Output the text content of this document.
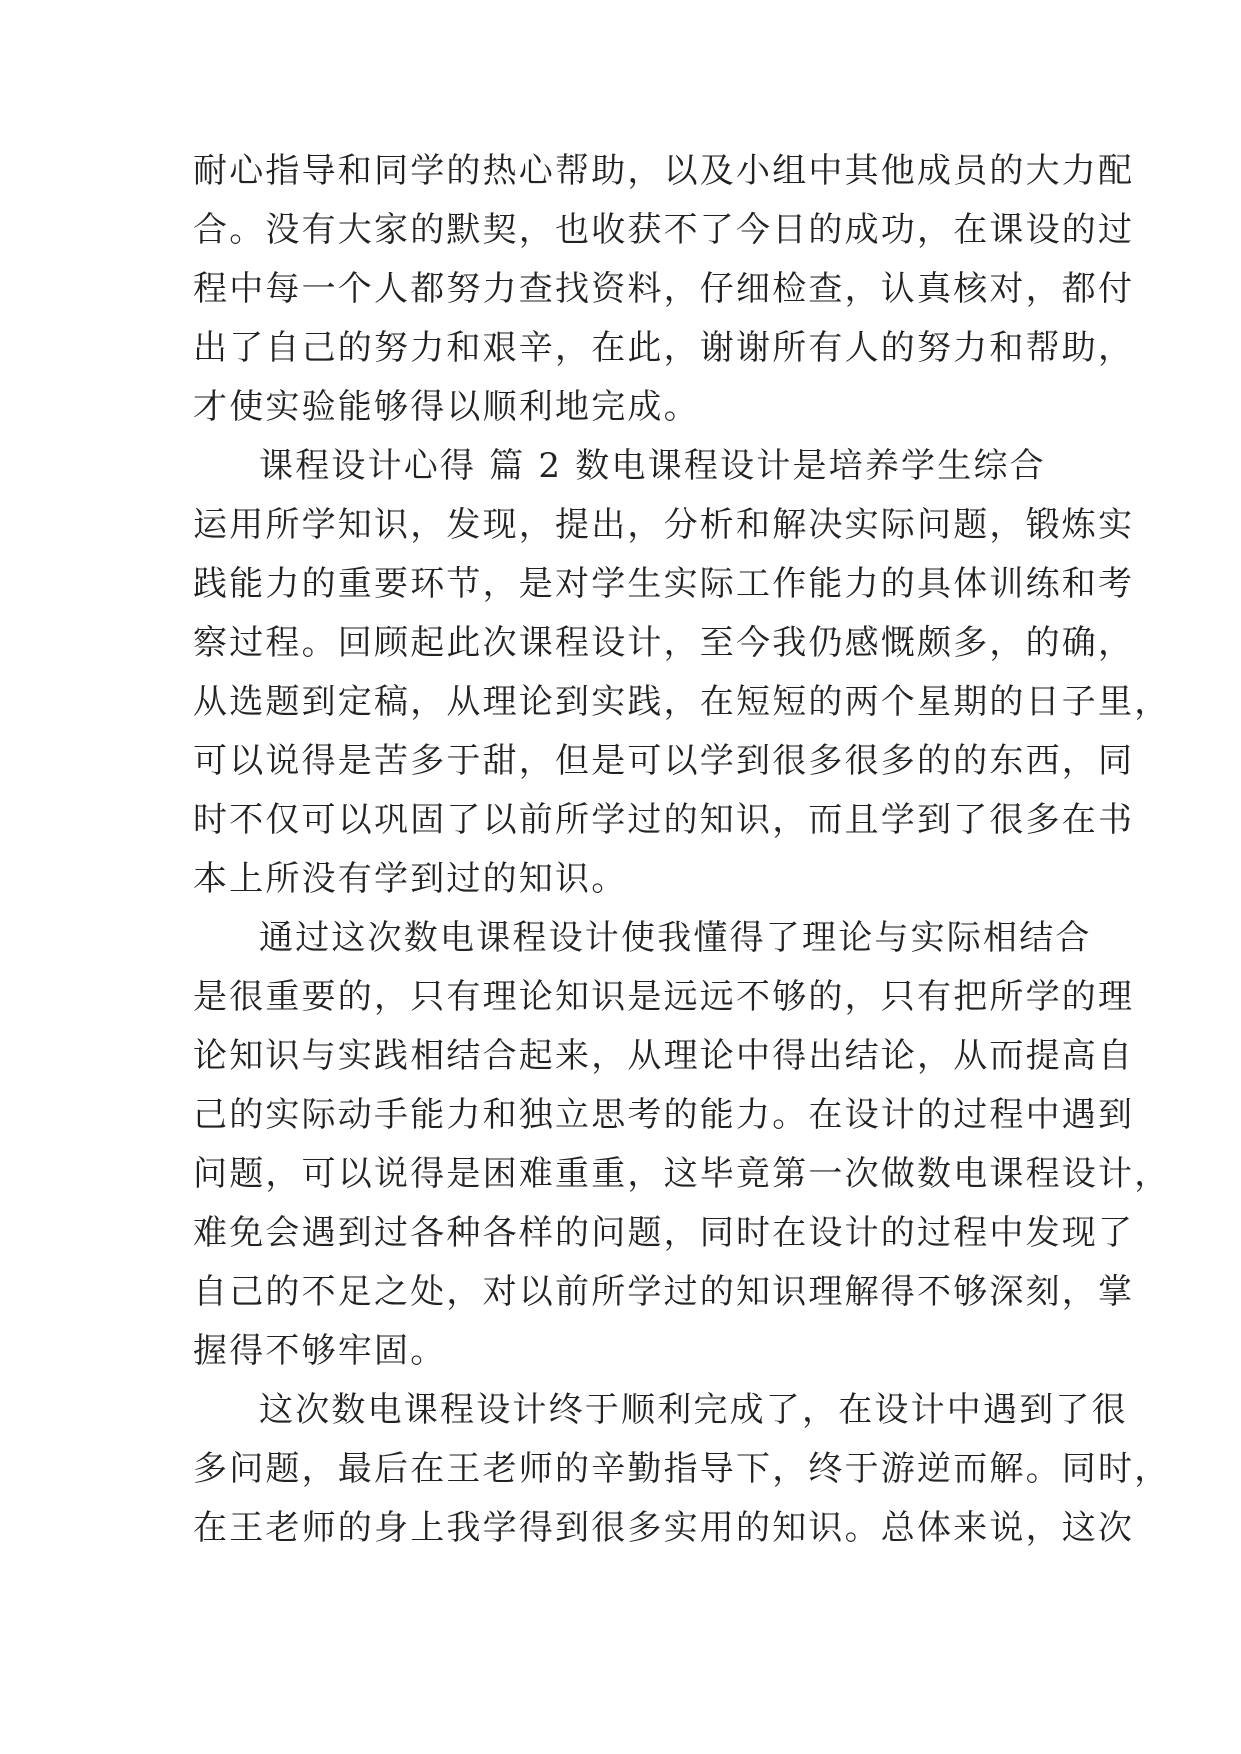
耐心指导和同学的热心帮助，以及小组中其他成员的大力配
合。没有大家的默契，也收获不了今日的成功，在课设的过
程中每一个人都努力查找资料，仔细检查，认真核对，都付
出了自己的努力和艰辛，在此，谢谢所有人的努力和帮助，
才使实验能够得以顺利地完成。
课程设计心得 篇 2 数电课程设计是培养学生综合
运用所学知识，发现，提出，分析和解决实际问题，锻炼实
践能力的重要环节，是对学生实际工作能力的具体训练和考
察过程。回顾起此次课程设计，至今我仍感慨颇多，的确，
从选题到定稿，从理论到实践，在短短的两个星期的日子里，
可以说得是苦多于甜，但是可以学到很多很多的的东西，同
时不仅可以巩固了以前所学过的知识，而且学到了很多在书
本上所没有学到过的知识。
通过这次数电课程设计使我懂得了理论与实际相结合
是很重要的，只有理论知识是远远不够的，只有把所学的理
论知识与实践相结合起来，从理论中得出结论，从而提高自
己的实际动手能力和独立思考的能力。在设计的过程中遇到
问题，可以说得是困难重重，这毕竟第一次做数电课程设计，
难免会遇到过各种各样的问题，同时在设计的过程中发现了
自己的不足之处，对以前所学过的知识理解得不够深刻，掌
握得不够牢固。
这次数电课程设计终于顺利完成了，在设计中遇到了很
多问题，最后在王老师的辛勤指导下，终于游逆而解。同时，
在王老师的身上我学得到很多实用的知识。总体来说，这次
